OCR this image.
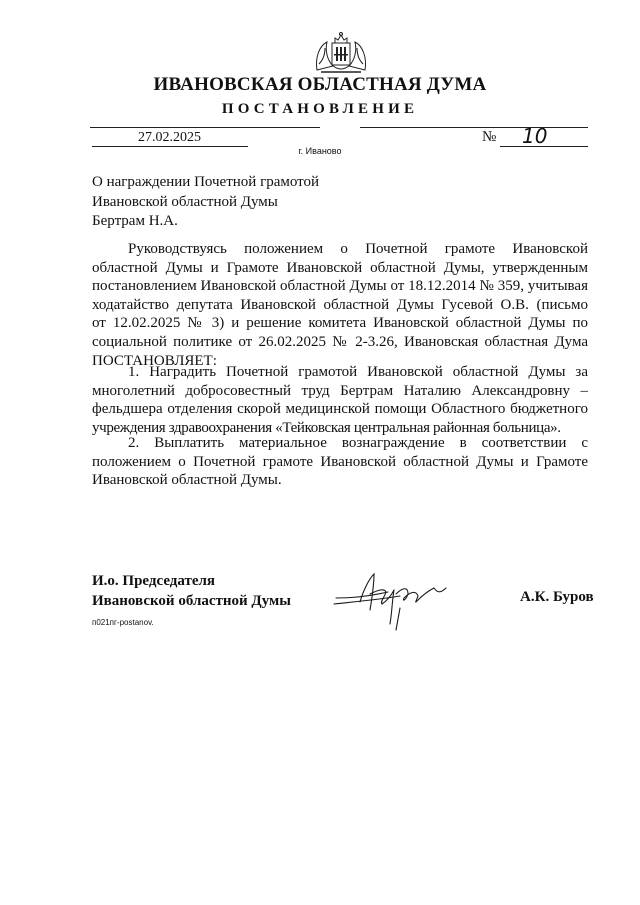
ИВАНОВСКАЯ ОБЛАСТНАЯ ДУМА
ПОСТАНОВЛЕНИЕ
27.02.2025	№ 10
г. Иваново
О награждении Почетной грамотой
Ивановской областной Думы
Бертрам Н.А.
Руководствуясь положением о Почетной грамоте Ивановской
областной Думы и Грамоте Ивановской областной Думы, утвержденным
постановлением Ивановской областной Думы от 18.12.2014 № 359, учитывая
ходатайство депутата Ивановской областной Думы Гусевой О.В. (письмо
от 12.02.2025 № 3) и решение комитета Ивановской областной Думы по
социальной политике от 26.02.2025 № 2-3.26, Ивановская областная Дума
ПОСТАНОВЛЯЕТ:
1. Наградить Почетной грамотой Ивановской областной Думы за
многолетний добросовестный труд Бертрам Наталию Александровну –
фельдшера отделения скорой медицинской помощи Областного бюджетного
учреждения здравоохранения «Тейковская центральная районная больница».
2. Выплатить материальное вознаграждение в соответствии с
положением о Почетной грамоте Ивановской областной Думы и Грамоте
Ивановской областной Думы.
И.о. Председателя
Ивановской областной Думы	А.К. Буров
п021пг-postanov.
